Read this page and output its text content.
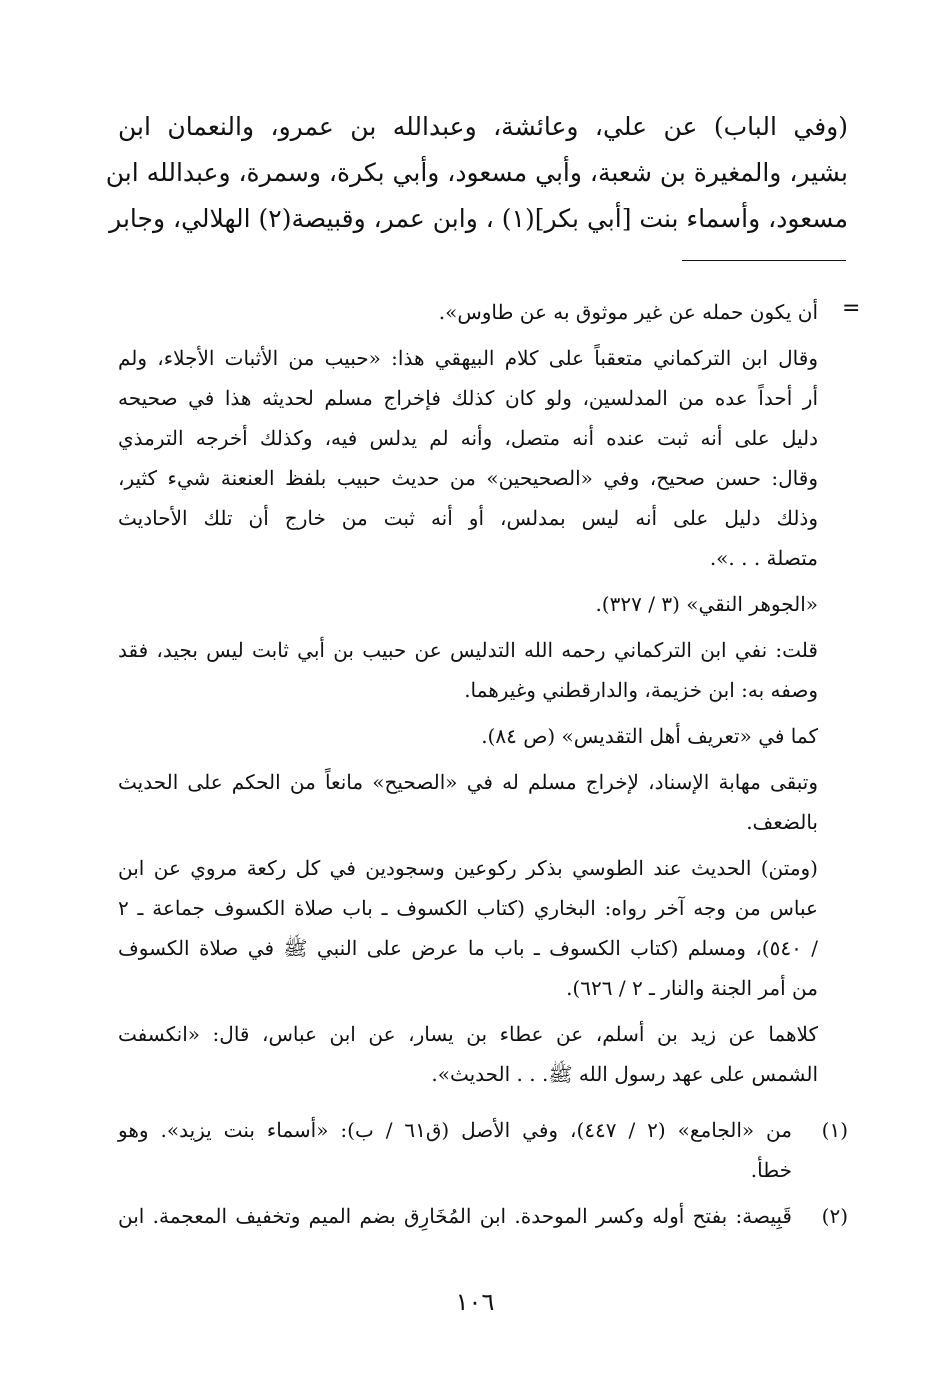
(وفي الباب) عن علي، وعائشة، وعبدالله بن عمرو، والنعمان ابن
بشير، والمغيرة بن شعبة، وأبي مسعود، وأبي بكرة، وسمرة، وعبدالله ابن
مسعود، وأسماء بنت [أبي بكر](١) ، وابن عمر، وقبيصة(٢) الهلالي، وجابر
=
أن يكون حمله عن غير موثوق به عن طاوس».
وقال ابن التركماني متعقباً على كلام البيهقي هذا: «حبيب من الأثبات الأجلاء، ولم
أر أحداً عده من المدلسين، ولو كان كذلك فإخراج مسلم لحديثه هذا في صحيحه
دليل على أنه ثبت عنده أنه متصل، وأنه لم يدلس فيه، وكذلك أخرجه الترمذي
وقال: حسن صحيح، وفي «الصحيحين» من حديث حبيب بلفظ العنعنة شيء كثير،
وذلك دليل على أنه ليس بمدلس، أو أنه ثبت من خارج أن تلك الأحاديث
متصلة . . .».
«الجوهر النقي» (٣ / ٣٢٧).
قلت: نفي ابن التركماني رحمه الله التدليس عن حبيب بن أبي ثابت ليس بجيد، فقد
وصفه به: ابن خزيمة، والدارقطني وغيرهما.
كما في «تعريف أهل التقديس» (ص ٨٤).
وتبقى مهابة الإسناد، لإخراج مسلم له في «الصحيح» مانعاً من الحكم على الحديث
بالضعف.
(ومتن) الحديث عند الطوسي بذكر ركوعين وسجودين في كل ركعة مروي عن ابن
عباس من وجه آخر رواه: البخاري (كتاب الكسوف ـ باب صلاة الكسوف جماعة ـ ٢
/ ٥٤٠)، ومسلم (كتاب الكسوف ـ باب ما عرض على النبي ﷺ في صلاة الكسوف
من أمر الجنة والنار ـ ٢ / ٦٢٦).
كلاهما عن زيد بن أسلم، عن عطاء بن يسار، عن ابن عباس، قال: «انكسفت
الشمس على عهد رسول الله ﷺ. . . الحديث».
(١)
من «الجامع» (٢ / ٤٤٧)، وفي الأصل (ق٦١ / ب): «أسماء بنت يزيد». وهو
خطأ.
(٢)
قَبِيصة: بفتح أوله وكسر الموحدة. ابن المُخَارِق بضم الميم وتخفيف المعجمة. ابن
١٠٦
